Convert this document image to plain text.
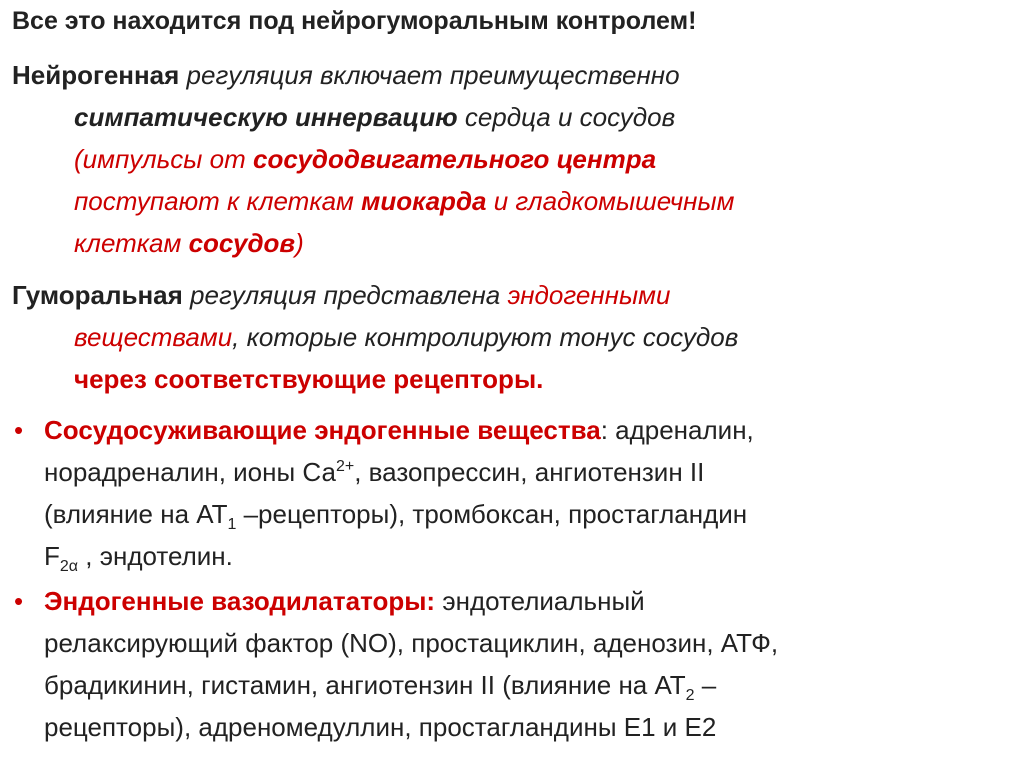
Все это находится под нейрогуморальным контролем!
Нейрогенная регуляция включает преимущественно
симпатическую иннервацию сердца и сосудов
(импульсы от сосудодвигательного центра
поступают к клеткам миокарда и гладкомышечным
клеткам сосудов)
Гуморальная регуляция представлена эндогенными
веществами, которые контролируют тонус сосудов
через соответствующие рецепторы.
• Сосудосуживающие эндогенные вещества: адреналин,
норадреналин, ионы $Са^{2+}$, вазопрессин, ангиотензин II
(влияние на $АТ_1$ –рецепторы), тромбоксан, простагландин
$F_{2\alpha}$ , эндотелин.
• Эндогенные вазодилататоры: эндотелиальный
релаксирующий фактор (NO), простациклин, аденозин, АТФ,
брадикинин, гистамин, ангиотензин II (влияние на $АТ_2$ –
рецепторы), адреномедуллин, простагландины Е1 и Е2
